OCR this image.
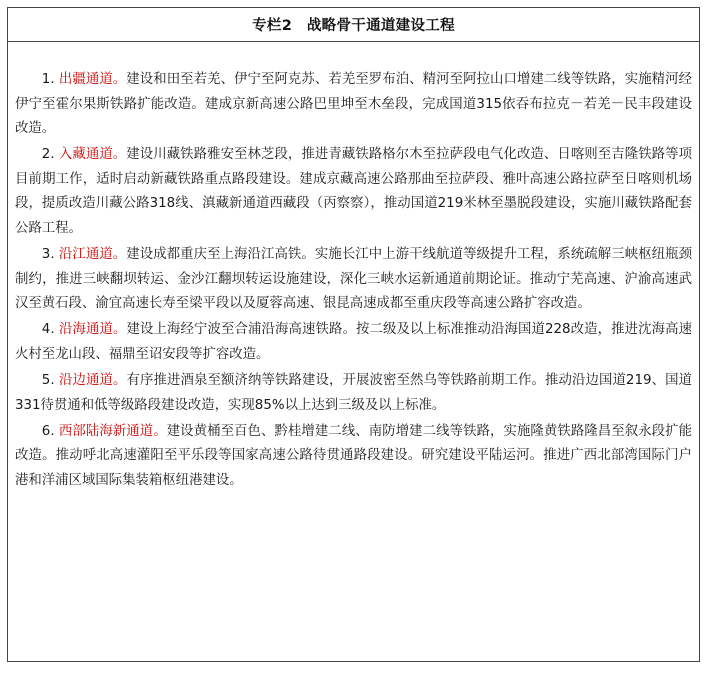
专栏2　战略骨干通道建设工程

1. 出疆通道。建设和田至若羌、伊宁至阿克苏、若羌至罗布泊、精河至阿拉山口增建二线等铁路，实施精河经伊宁至霍尔果斯铁路扩能改造。建成京新高速公路巴里坤至木垒段，完成国道315依吞布拉克－若羌－民丰段建设改造。

2. 入藏通道。建设川藏铁路雅安至林芝段，推进青藏铁路格尔木至拉萨段电气化改造、日喀则至吉隆铁路等项目前期工作，适时启动新藏铁路重点路段建设。建成京藏高速公路那曲至拉萨段、雅叶高速公路拉萨至日喀则机场段，提质改造川藏公路318线、滇藏新通道西藏段（丙察察），推动国道219米林至墨脱段建设，实施川藏铁路配套公路工程。

3. 沿江通道。建设成都重庆至上海沿江高铁。实施长江中上游干线航道等级提升工程，系统疏解三峡枢纽瓶颈制约，推进三峡翻坝转运、金沙江翻坝转运设施建设，深化三峡水运新通道前期论证。推动宁芜高速、沪渝高速武汉至黄石段、渝宜高速长寿至梁平段以及厦蓉高速、银昆高速成都至重庆段等高速公路扩容改造。

4. 沿海通道。建设上海经宁波至合浦沿海高速铁路。按二级及以上标准推动沿海国道228改造，推进沈海高速火村至龙山段、福鼎至诏安段等扩容改造。

5. 沿边通道。有序推进酒泉至额济纳等铁路建设，开展波密至然乌等铁路前期工作。推动沿边国道219、国道331待贯通和低等级路段建设改造，实现85%以上达到三级及以上标准。

6. 西部陆海新通道。建设黄桶至百色、黔桂增建二线、南防增建二线等铁路，实施隆黄铁路隆昌至叙永段扩能改造。推动呼北高速灌阳至平乐段等国家高速公路待贯通路段建设。研究建设平陆运河。推进广西北部湾国际门户港和洋浦区域国际集装箱枢纽港建设。
